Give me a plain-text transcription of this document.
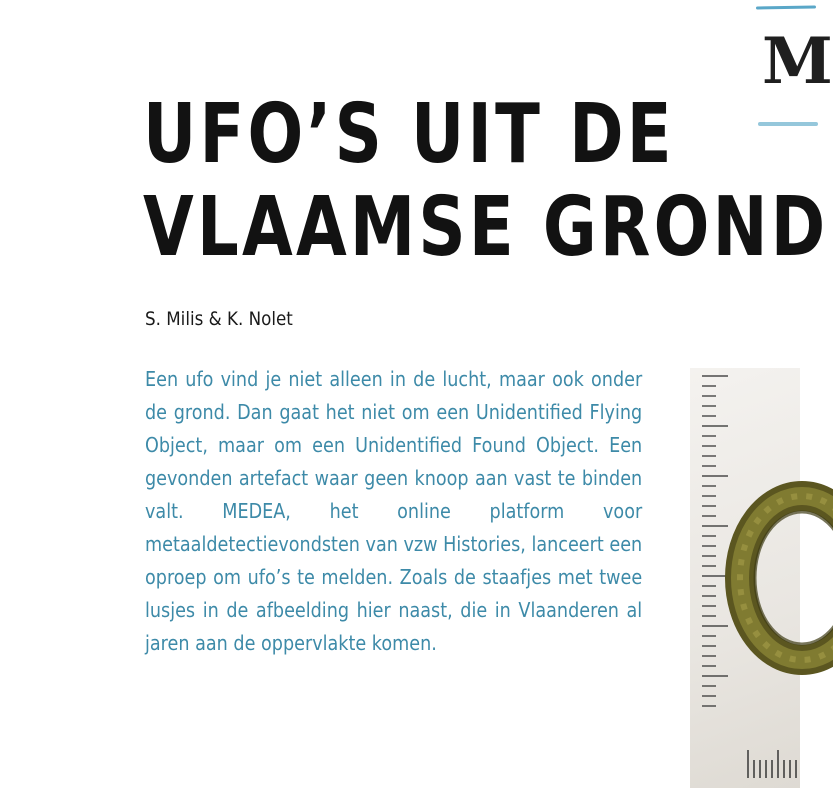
M
UFO’S UIT DE
VLAAMSE GROND
S. Milis & K. Nolet

Een ufo vind je niet alleen in de lucht, maar ook onder de grond. Dan gaat het niet om een Unidentified Flying Object, maar om een Unidentified Found Object. Een gevonden artefact waar geen knoop aan vast te binden valt. MEDEA, het online platform voor metaaldetectievondsten van vzw Histories, lanceert een oproep om ufo’s te melden. Zoals de staafjes met twee lusjes in de afbeelding hier naast, die in Vlaanderen al jaren aan de oppervlakte komen.
